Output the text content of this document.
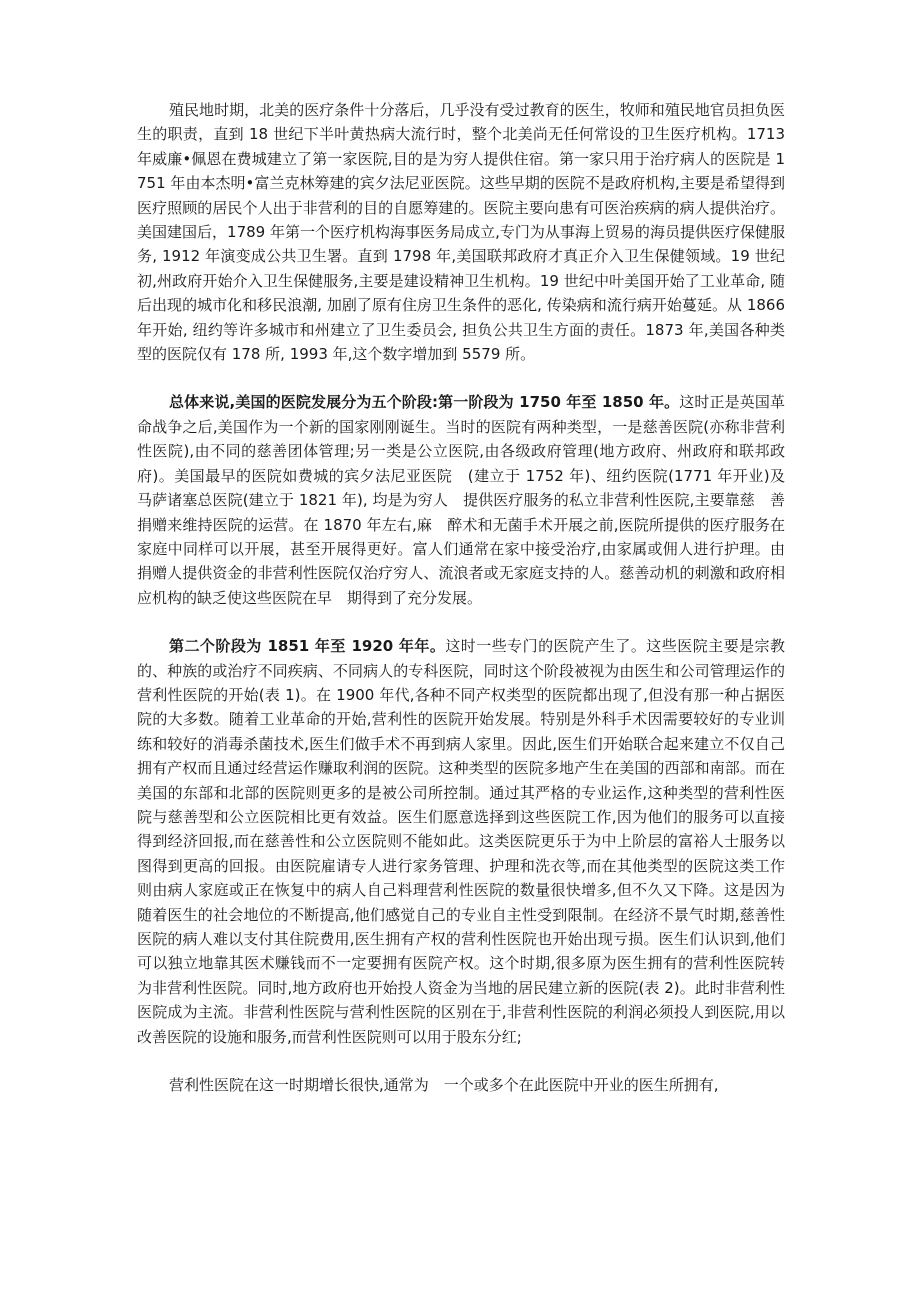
殖民地时期，北美的医疗条件十分落后，几乎没有受过教育的医生，牧师和殖民地官员担负医生的职责，直到 18 世纪下半叶黄热病大流行时，整个北美尚无任何常设的卫生医疗机构。1713 年威廉•佩恩在费城建立了第一家医院,目的是为穷人提供住宿。第一家只用于治疗病人的医院是 1751 年由本杰明•富兰克林筹建的宾夕法尼亚医院。这些早期的医院不是政府机构,主要是希望得到医疗照顾的居民个人出于非营利的目的自愿筹建的。医院主要向患有可医治疾病的病人提供治疗。美国建国后，1789 年第一个医疗机构海事医务局成立,专门为从事海上贸易的海员提供医疗保健服务, 1912 年演变成公共卫生署。直到 1798 年,美国联邦政府才真正介入卫生保健领域。19 世纪初,州政府开始介入卫生保健服务,主要是建设精神卫生机构。19 世纪中叶美国开始了工业革命, 随后出现的城市化和移民浪潮, 加剧了原有住房卫生条件的恶化, 传染病和流行病开始蔓延。从 1866 年开始, 纽约等许多城市和州建立了卫生委员会, 担负公共卫生方面的责任。1873 年,美国各种类型的医院仅有 178 所, 1993 年,这个数字增加到 5579 所。

总体来说,美国的医院发展分为五个阶段:第一阶段为 1750 年至 1850 年。这时正是英国革命战争之后,美国作为一个新的国家刚刚诞生。当时的医院有两种类型，一是慈善医院(亦称非营利性医院),由不同的慈善团体管理;另一类是公立医院,由各级政府管理(地方政府、州政府和联邦政府)。美国最早的医院如费城的宾夕法尼亚医院　(建立于 1752 年)、纽约医院(1771 年开业)及　马萨诸塞总医院(建立于 1821 年), 均是为穷人　提供医疗服务的私立非营利性医院,主要靠慈　善捐赠来维持医院的运营。在 1870 年左右,麻　醉术和无菌手术开展之前,医院所提供的医疗服务在家庭中同样可以开展，甚至开展得更好。富人们通常在家中接受治疗,由家属或佣人进行护理。由捐赠人提供资金的非营利性医院仅治疗穷人、流浪者或无家庭支持的人。慈善动机的刺激和政府相应机构的缺乏使这些医院在早　期得到了充分发展。

第二个阶段为 1851 年至 1920 年年。这时一些专门的医院产生了。这些医院主要是宗教的、种族的或治疗不同疾病、不同病人的专科医院，同时这个阶段被视为由医生和公司管理运作的营利性医院的开始(表 1)。在 1900 年代,各种不同产权类型的医院都出现了,但没有那一种占据医院的大多数。随着工业革命的开始,营利性的医院开始发展。特别是外科手术因需要较好的专业训练和较好的消毒杀菌技术,医生们做手术不再到病人家里。因此,医生们开始联合起来建立不仅自己拥有产权而且通过经营运作赚取利润的医院。这种类型的医院多地产生在美国的西部和南部。而在美国的东部和北部的医院则更多的是被公司所控制。通过其严格的专业运作,这种类型的营利性医院与慈善型和公立医院相比更有效益。医生们愿意选择到这些医院工作,因为他们的服务可以直接得到经济回报,而在慈善性和公立医院则不能如此。这类医院更乐于为中上阶层的富裕人士服务以图得到更高的回报。由医院雇请专人进行家务管理、护理和洗衣等,而在其他类型的医院这类工作则由病人家庭或正在恢复中的病人自己料理营利性医院的数量很快增多,但不久又下降。这是因为随着医生的社会地位的不断提高,他们感觉自己的专业自主性受到限制。在经济不景气时期,慈善性医院的病人难以支付其住院费用,医生拥有产权的营利性医院也开始出现亏损。医生们认识到,他们可以独立地靠其医术赚钱而不一定要拥有医院产权。这个时期,很多原为医生拥有的营利性医院转为非营利性医院。同时,地方政府也开始投人资金为当地的居民建立新的医院(表 2)。此时非营利性医院成为主流。非营利性医院与营利性医院的区别在于,非营利性医院的利润必须投人到医院,用以改善医院的设施和服务,而营利性医院则可以用于股东分红;

营利性医院在这一时期增长很快,通常为　一个或多个在此医院中开业的医生所拥有,
